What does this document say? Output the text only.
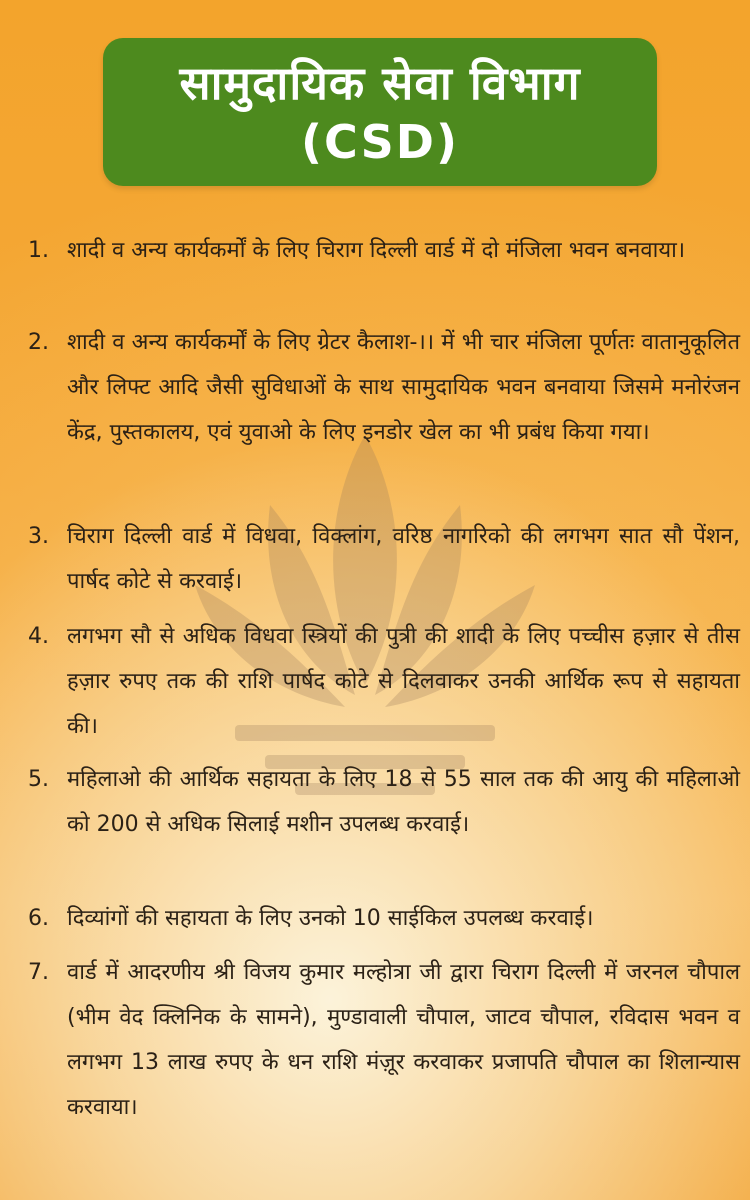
सामुदायिक सेवा विभाग
(CSD)
1. शादी व अन्य कार्यकर्मों के लिए चिराग दिल्ली वार्ड में दो मंजिला भवन बनवाया।
2. शादी व अन्य कार्यकर्मों के लिए ग्रेटर कैलाश-।। में भी चार मंजिला पूर्णतः वातानुकूलित और लिफ्ट आदि जैसी सुविधाओं के साथ सामुदायिक भवन बनवाया जिसमे मनोरंजन केंद्र, पुस्तकालय, एवं युवाओ के लिए इनडोर खेल का भी प्रबंध किया गया।
3. चिराग दिल्ली वार्ड में विधवा, विक्लांग, वरिष्ठ नागरिको की लगभग सात सौ पेंशन, पार्षद कोटे से करवाई।
4. लगभग सौ से अधिक विधवा स्त्रियों की पुत्री की शादी के लिए पच्चीस हज़ार से तीस हज़ार रुपए तक की राशि पार्षद कोटे से दिलवाकर उनकी आर्थिक रूप से सहायता की।
5. महिलाओ की आर्थिक सहायता के लिए 18 से 55 साल तक की आयु की महिलाओ को 200 से अधिक सिलाई मशीन उपलब्ध करवाई।
6. दिव्यांगों की सहायता के लिए उनको 10 साईकिल उपलब्ध करवाई।
7. वार्ड में आदरणीय श्री विजय कुमार मल्होत्रा जी द्वारा चिराग दिल्ली में जरनल चौपाल (भीम वेद क्लिनिक के सामने), मुण्डावाली चौपाल, जाटव चौपाल, रविदास भवन व लगभग 13 लाख रुपए के धन राशि मंज़ूर करवाकर प्रजापति चौपाल का शिलान्यास करवाया।
